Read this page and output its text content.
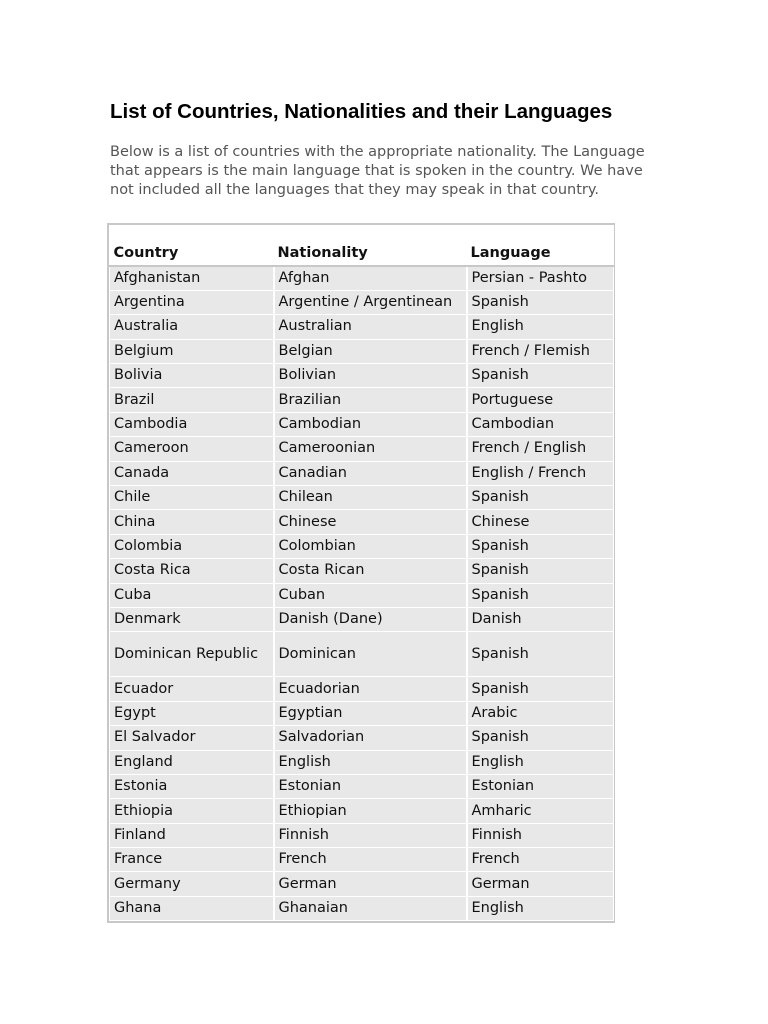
List of Countries, Nationalities and their Languages

Below is a list of countries with the appropriate nationality. The Language that appears is the main language that is spoken in the country. We have not included all the languages that they may speak in that country.

Country	Nationality	Language
Afghanistan	Afghan	Persian - Pashto
Argentina	Argentine / Argentinean	Spanish
Australia	Australian	English
Belgium	Belgian	French / Flemish
Bolivia	Bolivian	Spanish
Brazil	Brazilian	Portuguese
Cambodia	Cambodian	Cambodian
Cameroon	Cameroonian	French / English
Canada	Canadian	English / French
Chile	Chilean	Spanish
China	Chinese	Chinese
Colombia	Colombian	Spanish
Costa Rica	Costa Rican	Spanish
Cuba	Cuban	Spanish
Denmark	Danish (Dane)	Danish
Dominican Republic	Dominican	Spanish
Ecuador	Ecuadorian	Spanish
Egypt	Egyptian	Arabic
El Salvador	Salvadorian	Spanish
England	English	English
Estonia	Estonian	Estonian
Ethiopia	Ethiopian	Amharic
Finland	Finnish	Finnish
France	French	French
Germany	German	German
Ghana	Ghanaian	English
